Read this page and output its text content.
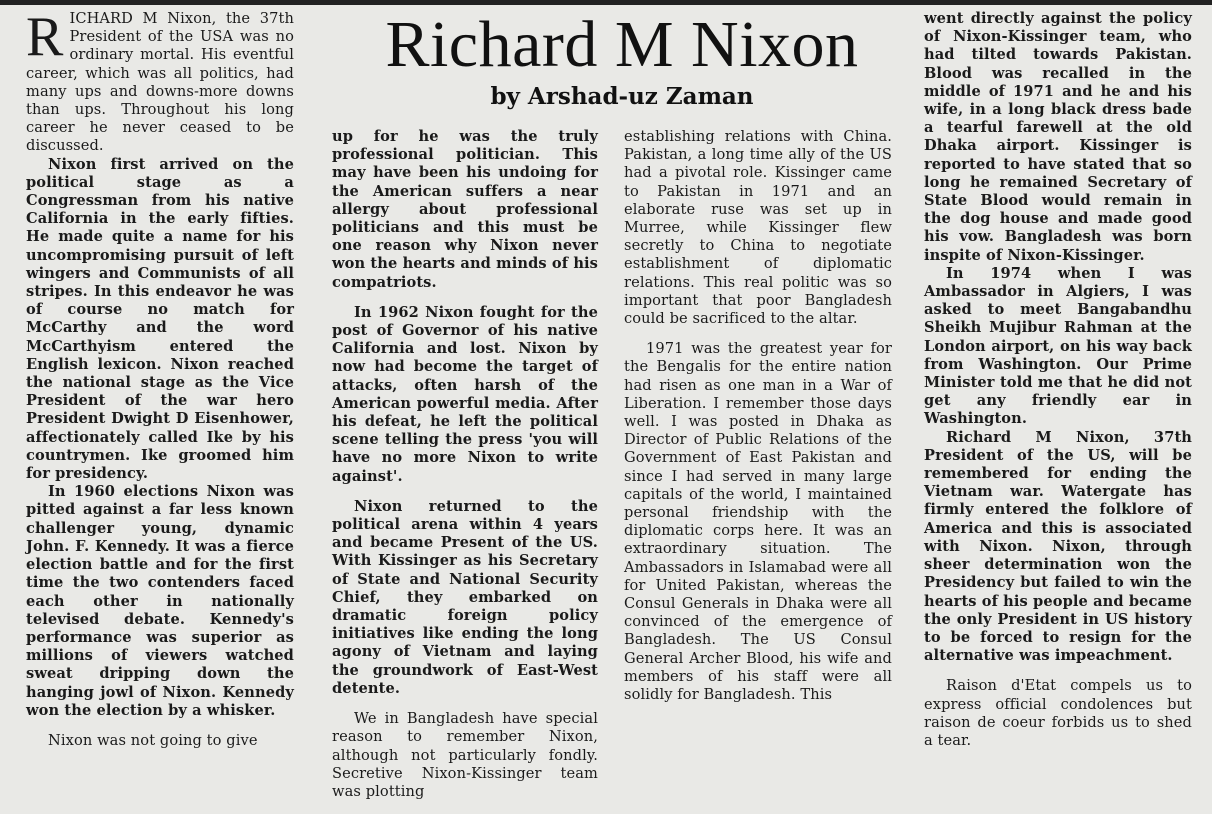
Richard M Nixon
by Arshad-uz Zaman

RICHARD M Nixon, the 37th President of the USA was no ordinary mortal. His eventful career, which was all politics, had many ups and downs-more downs than ups. Throughout his long career he never ceased to be discussed.

Nixon first arrived on the political stage as a Congressman from his native California in the early fifties. He made quite a name for his uncompromising pursuit of left wingers and Communists of all stripes. In this endeavor he was of course no match for McCarthy and the word McCarthyism entered the English lexicon. Nixon reached the national stage as the Vice President of the war hero President Dwight D Eisenhower, affectionately called Ike by his countrymen. Ike groomed him for presidency.

In 1960 elections Nixon was pitted against a far less known challenger young, dynamic John. F. Kennedy. It was a fierce election battle and for the first time the two contenders faced each other in nationally televised debate. Kennedy's performance was superior as millions of viewers watched sweat dripping down the hanging jowl of Nixon. Kennedy won the election by a whisker.

Nixon was not going to give

up for he was the truly professional politician. This may have been his undoing for the American suffers a near allergy about professional politicians and this must be one reason why Nixon never won the hearts and minds of his compatriots.

In 1962 Nixon fought for the post of Governor of his native California and lost. Nixon by now had become the target of attacks, often harsh of the American powerful media. After his defeat, he left the political scene telling the press 'you will have no more Nixon to write against'.

Nixon returned to the political arena within 4 years and became Present of the US. With Kissinger as his Secretary of State and National Security Chief, they embarked on dramatic foreign policy initiatives like ending the long agony of Vietnam and laying the groundwork of East-West detente.

We in Bangladesh have special reason to remember Nixon, although not particularly fondly. Secretive Nixon-Kissinger team was plotting

establishing relations with China. Pakistan, a long time ally of the US had a pivotal role. Kissinger came to Pakistan in 1971 and an elaborate ruse was set up in Murree, while Kissinger flew secretly to China to negotiate establishment of diplomatic relations. This real politic was so important that poor Bangladesh could be sacrificed to the altar.

1971 was the greatest year for the Bengalis for the entire nation had risen as one man in a War of Liberation. I remember those days well. I was posted in Dhaka as Director of Public Relations of the Government of East Pakistan and since I had served in many large capitals of the world, I maintained personal friendship with the diplomatic corps here. It was an extraordinary situation. The Ambassadors in Islamabad were all for United Pakistan, whereas the Consul Generals in Dhaka were all convinced of the emergence of Bangladesh. The US Consul General Archer Blood, his wife and members of his staff were all solidly for Bangladesh. This

went directly against the policy of Nixon-Kissinger team, who had tilted towards Pakistan. Blood was recalled in the middle of 1971 and he and his wife, in a long black dress bade a tearful farewell at the old Dhaka airport. Kissinger is reported to have stated that so long he remained Secretary of State Blood would remain in the dog house and made good his vow. Bangladesh was born inspite of Nixon-Kissinger.

In 1974 when I was Ambassador in Algiers, I was asked to meet Bangabandhu Sheikh Mujibur Rahman at the London airport, on his way back from Washington. Our Prime Minister told me that he did not get any friendly ear in Washington.

Richard M Nixon, 37th President of the US, will be remembered for ending the Vietnam war. Watergate has firmly entered the folklore of America and this is associated with Nixon. Nixon, through sheer determination won the Presidency but failed to win the hearts of his people and became the only President in US history to be forced to resign for the alternative was impeachment.

Raison d'Etat compels us to express official condolences but raison de coeur forbids us to shed a tear.
